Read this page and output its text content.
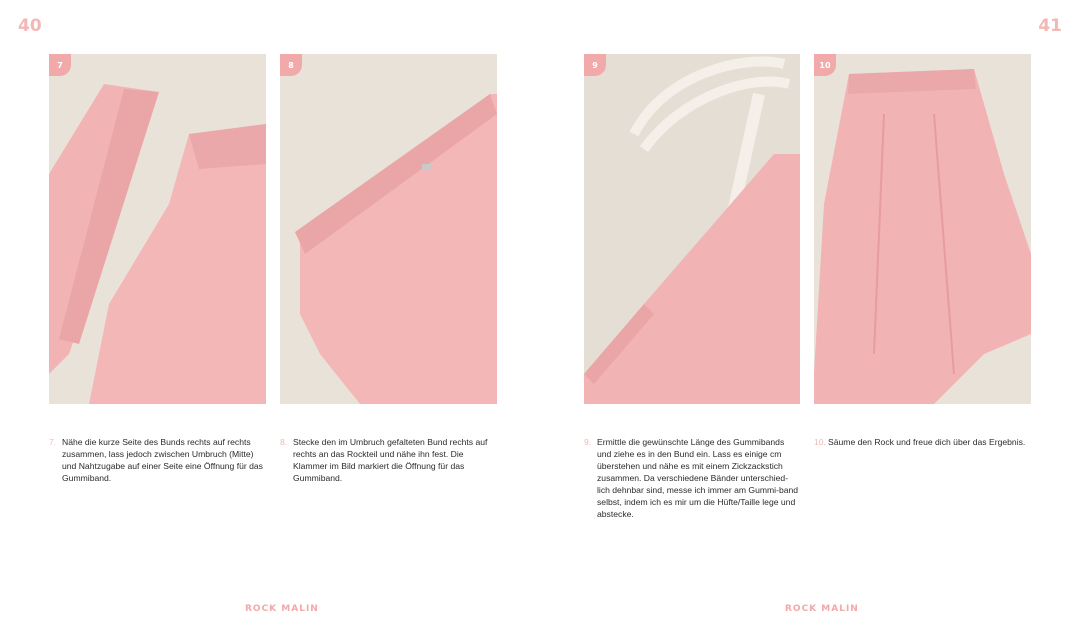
40	41
7	8	9	10
7. Nähe die kurze Seite des Bunds rechts auf rechts zusammen, lass jedoch zwischen Umbruch (Mitte) und Nahtzugabe auf einer Seite eine Öffnung für das Gummiband.
8. Stecke den im Umbruch gefalteten Bund rechts auf rechts an das Rockteil und nähe ihn fest. Die Klammer im Bild markiert die Öffnung für das Gummiband.
9. Ermittle die gewünschte Länge des Gummibands und ziehe es in den Bund ein. Lass es einige cm überstehen und nähe es mit einem Zickzackstich zusammen. Da verschiedene Bänder unterschied-lich dehnbar sind, messe ich immer am Gummi-band selbst, indem ich es mir um die Hüfte/Taille lege und abstecke.
10. Säume den Rock und freue dich über das Ergebnis.
ROCK MALIN	ROCK MALIN
